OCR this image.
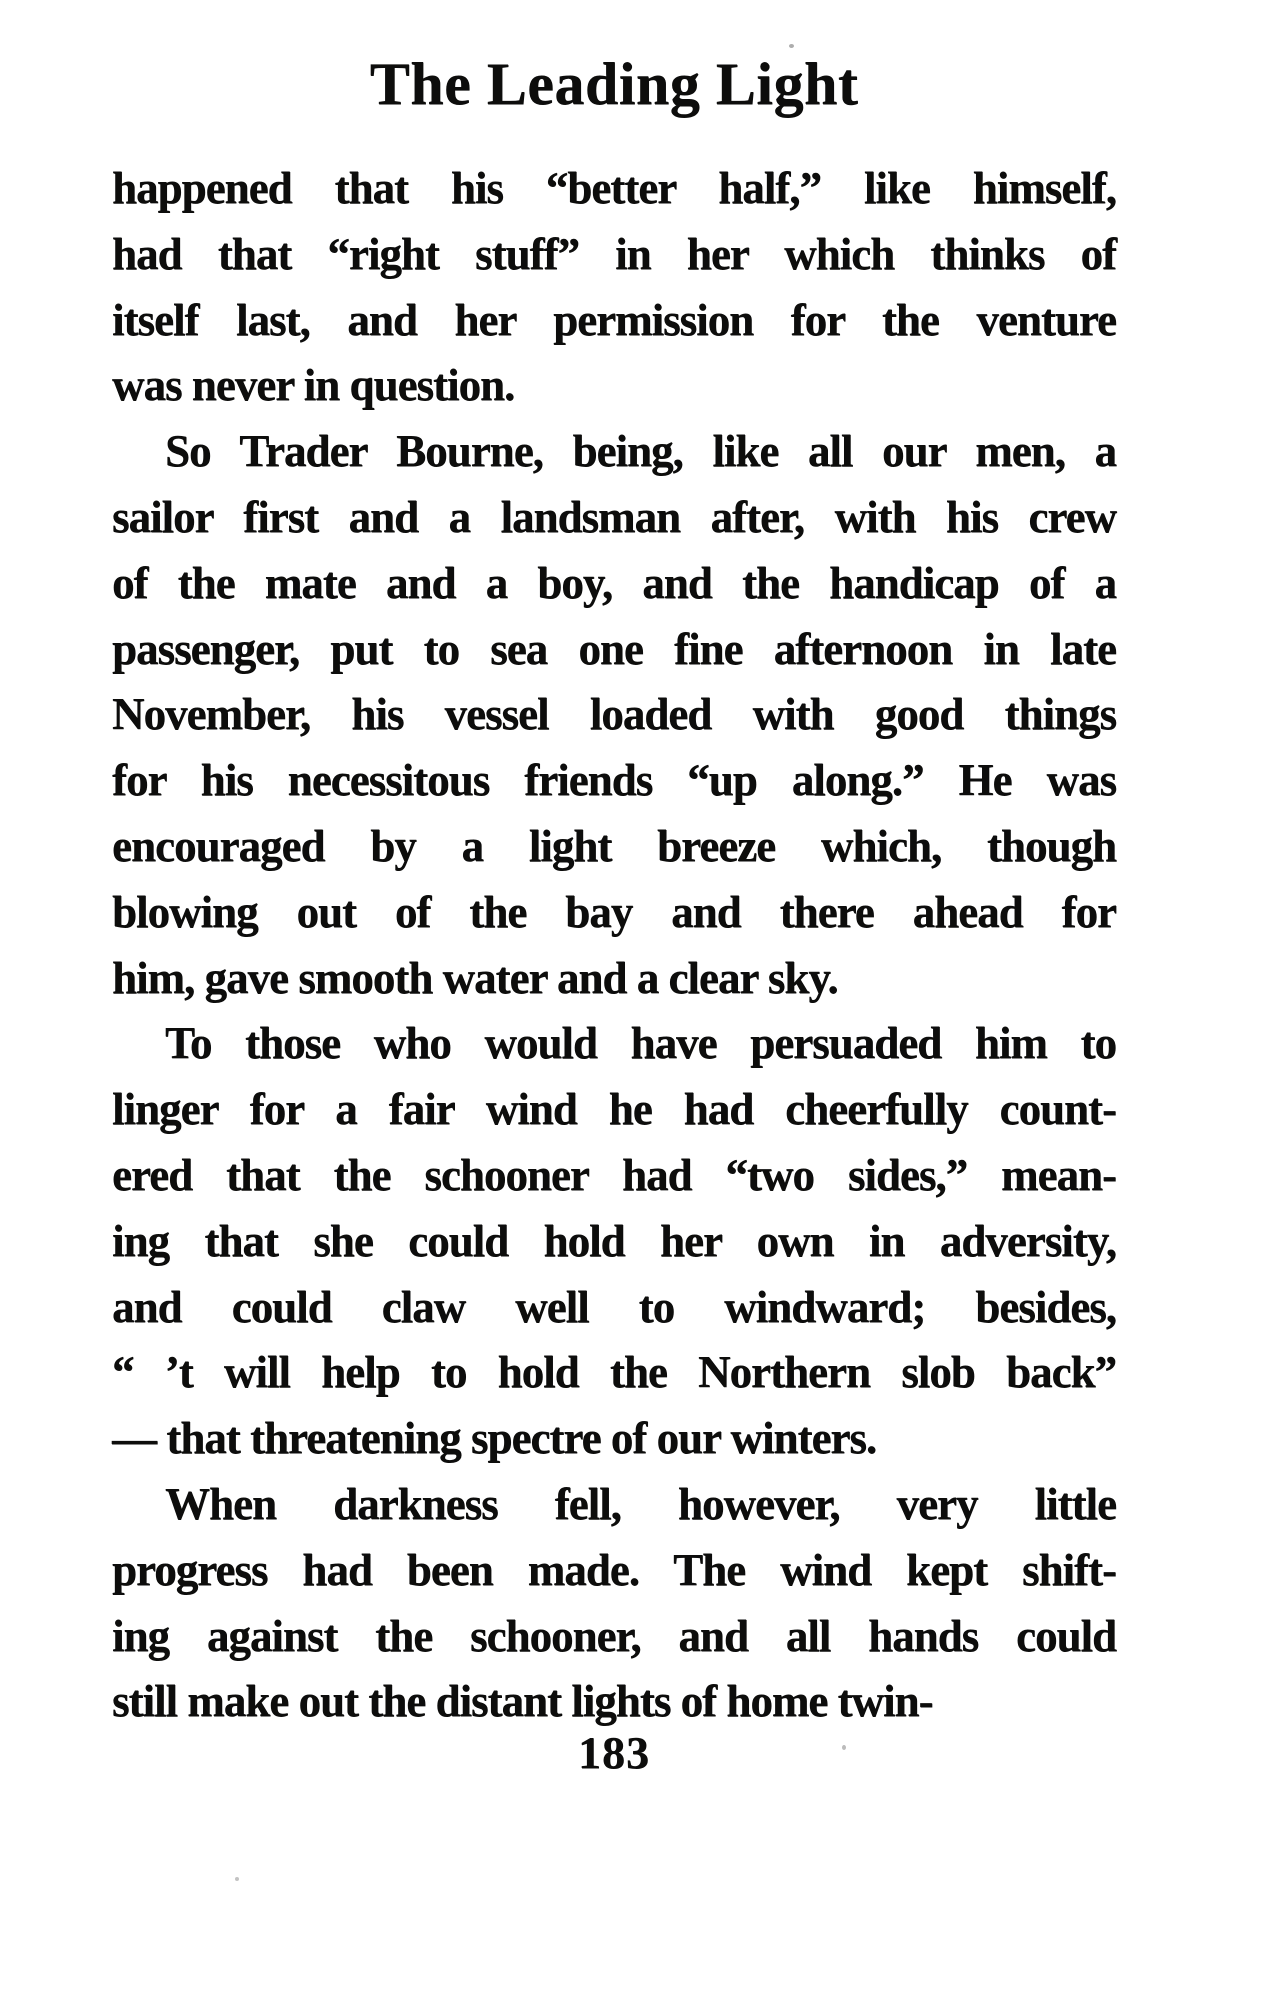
The Leading Light
happened that his “better half,” like himself,
had that “right stuff” in her which thinks of
itself last, and her permission for the venture
was never in question.
So Trader Bourne, being, like all our men, a
sailor first and a landsman after, with his crew
of the mate and a boy, and the handicap of a
passenger, put to sea one fine afternoon in late
November, his vessel loaded with good things
for his necessitous friends “up along.” He was
encouraged by a light breeze which, though
blowing out of the bay and there ahead for
him, gave smooth water and a clear sky.
To those who would have persuaded him to
linger for a fair wind he had cheerfully count-
ered that the schooner had “two sides,” mean-
ing that she could hold her own in adversity,
and could claw well to windward; besides,
“ ’t will help to hold the Northern slob back”
— that threatening spectre of our winters.
When darkness fell, however, very little
progress had been made. The wind kept shift-
ing against the schooner, and all hands could
still make out the distant lights of home twin-
183
